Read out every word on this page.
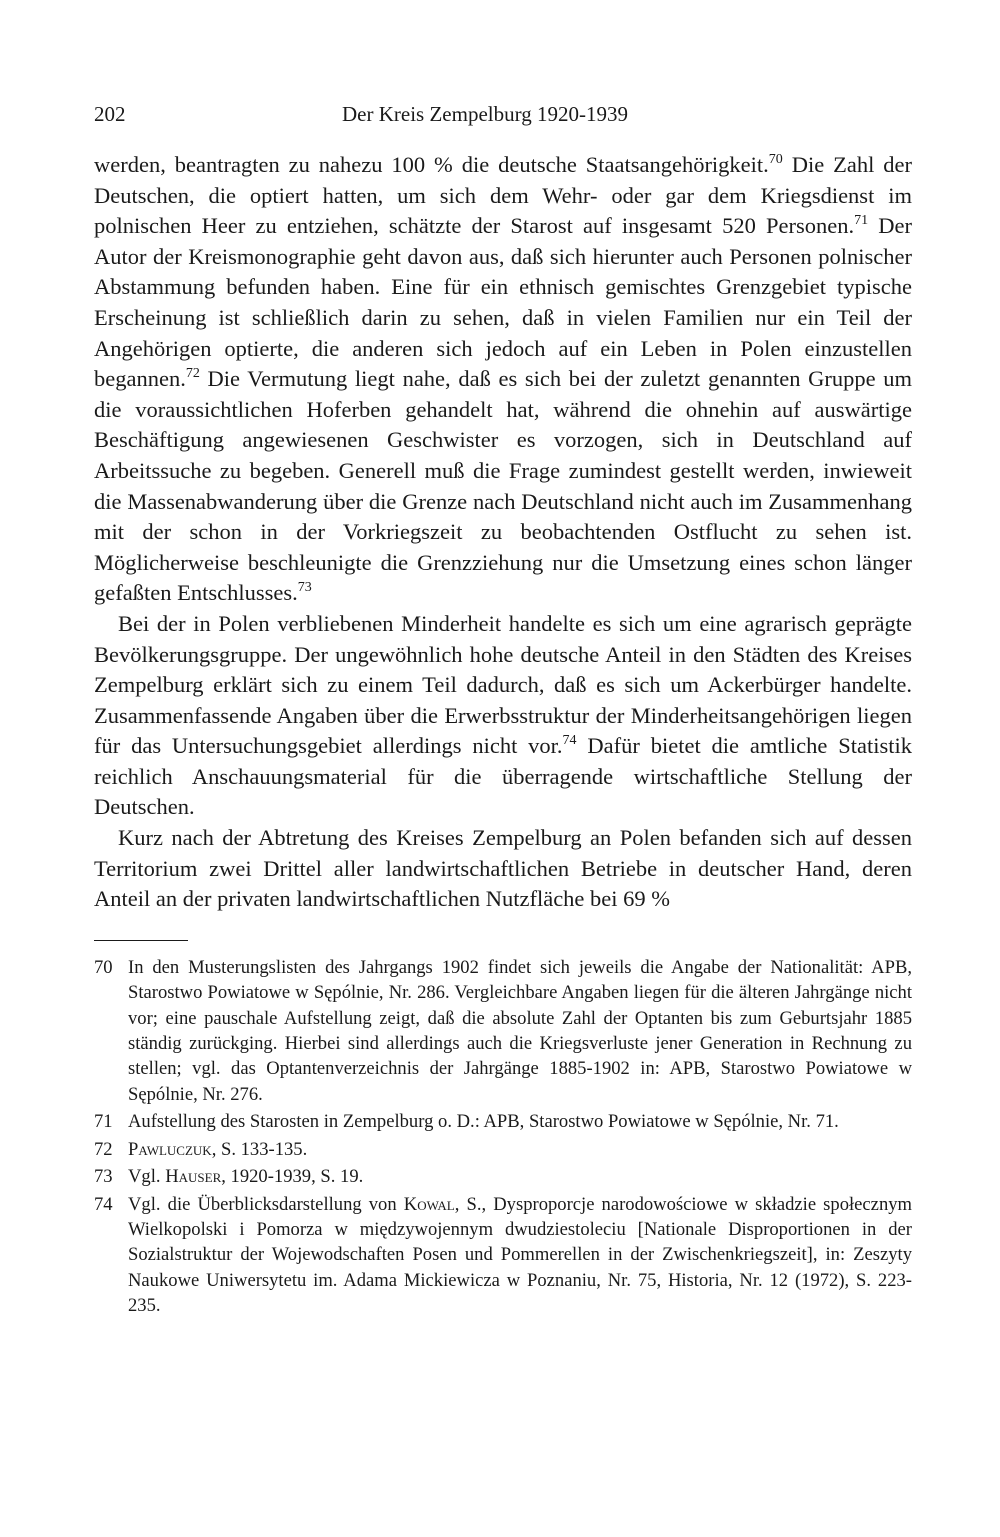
202	Der Kreis Zempelburg 1920-1939

werden, beantragten zu nahezu 100 % die deutsche Staatsangehörigkeit.$^{70}$ Die Zahl der Deutschen, die optiert hatten, um sich dem Wehr- oder gar dem Kriegsdienst im polnischen Heer zu entziehen, schätzte der Starost auf insgesamt 520 Personen.$^{71}$ Der Autor der Kreismonographie geht davon aus, daß sich hierunter auch Personen polnischer Abstammung befunden haben. Eine für ein ethnisch gemischtes Grenzgebiet typische Erscheinung ist schließlich darin zu sehen, daß in vielen Familien nur ein Teil der Angehörigen optierte, die anderen sich jedoch auf ein Leben in Polen einzustellen begannen.$^{72}$ Die Vermutung liegt nahe, daß es sich bei der zuletzt genannten Gruppe um die voraussichtlichen Hoferben gehandelt hat, während die ohnehin auf auswärtige Beschäftigung angewiesenen Geschwister es vorzogen, sich in Deutschland auf Arbeitssuche zu begeben. Generell muß die Frage zumindest gestellt werden, inwieweit die Massenabwanderung über die Grenze nach Deutschland nicht auch im Zusammenhang mit der schon in der Vorkriegszeit zu beobachtenden Ostflucht zu sehen ist. Möglicherweise beschleunigte die Grenzziehung nur die Umsetzung eines schon länger gefaßten Entschlusses.$^{73}$

Bei der in Polen verbliebenen Minderheit handelte es sich um eine agrarisch geprägte Bevölkerungsgruppe. Der ungewöhnlich hohe deutsche Anteil in den Städten des Kreises Zempelburg erklärt sich zu einem Teil dadurch, daß es sich um Ackerbürger handelte. Zusammenfassende Angaben über die Erwerbsstruktur der Minderheitsangehörigen liegen für das Untersuchungsgebiet allerdings nicht vor.$^{74}$ Dafür bietet die amtliche Statistik reichlich Anschauungsmaterial für die überragende wirtschaftliche Stellung der Deutschen.

Kurz nach der Abtretung des Kreises Zempelburg an Polen befanden sich auf dessen Territorium zwei Drittel aller landwirtschaftlichen Betriebe in deutscher Hand, deren Anteil an der privaten landwirtschaftlichen Nutzfläche bei 69 %

70 In den Musterungslisten des Jahrgangs 1902 findet sich jeweils die Angabe der Nationalität: APB, Starostwo Powiatowe w Sępólnie, Nr. 286. Vergleichbare Angaben liegen für die älteren Jahrgänge nicht vor; eine pauschale Aufstellung zeigt, daß die absolute Zahl der Optanten bis zum Geburtsjahr 1885 ständig zurückging. Hierbei sind allerdings auch die Kriegsverluste jener Generation in Rechnung zu stellen; vgl. das Optantenverzeichnis der Jahrgänge 1885-1902 in: APB, Starostwo Powiatowe w Sępólnie, Nr. 276.
71 Aufstellung des Starosten in Zempelburg o. D.: APB, Starostwo Powiatowe w Sępólnie, Nr. 71.
72 Pawluczuk, S. 133-135.
73 Vgl. Hauser, 1920-1939, S. 19.
74 Vgl. die Überblicksdarstellung von Kowal, S., Dysproporcje narodowościowe w składzie społecznym Wielkopolski i Pomorza w międzywojennym dwudziestoleciu [Nationale Disproportionen in der Sozialstruktur der Wojewodschaften Posen und Pommerellen in der Zwischenkriegszeit], in: Zeszyty Naukowe Uniwersytetu im. Adama Mickiewicza w Poznaniu, Nr. 75, Historia, Nr. 12 (1972), S. 223-235.
